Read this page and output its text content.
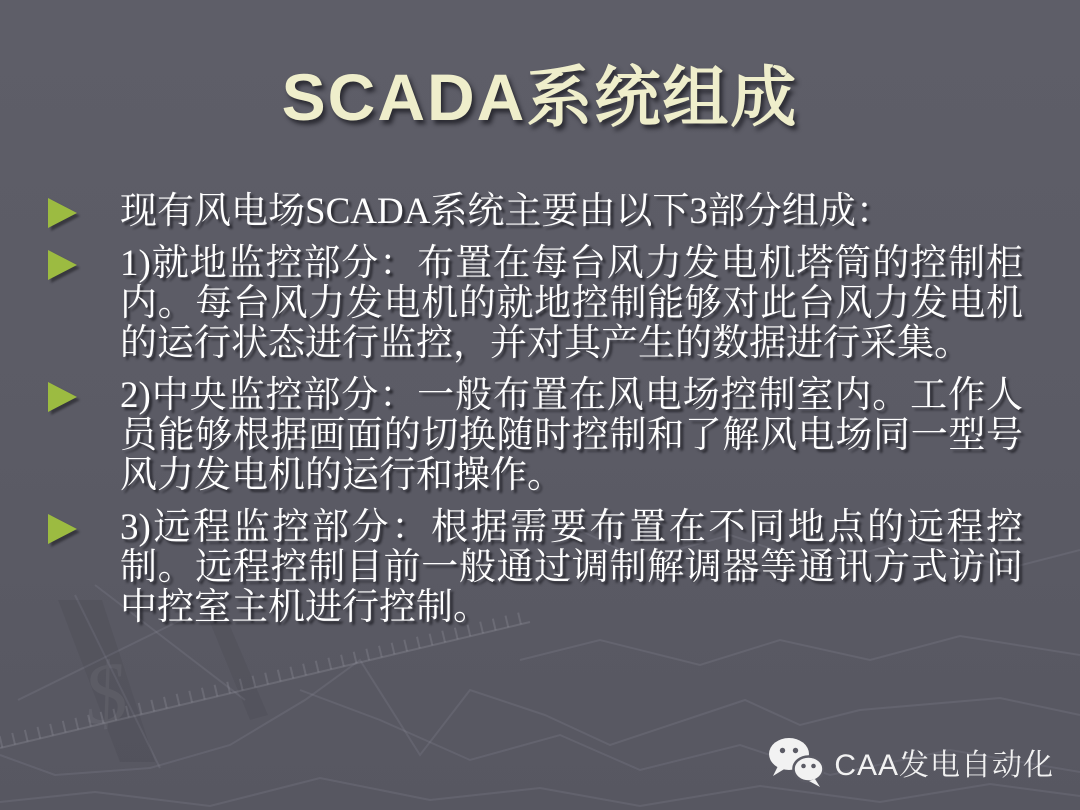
$
SCADA系统组成
现有风电场SCADA系统主要由以下3部分组成：
1)就地监控部分：布置在每台风力发电机塔筒的控制柜内。每台风力发电机的就地控制能够对此台风力发电机的运行状态进行监控，并对其产生的数据进行采集。
2)中央监控部分：一般布置在风电场控制室内。工作人员能够根据画面的切换随时控制和了解风电场同一型号风力发电机的运行和操作。
3)远程监控部分：根据需要布置在不同地点的远程控制。远程控制目前一般通过调制解调器等通讯方式访问中控室主机进行控制。
CAA发电自动化
